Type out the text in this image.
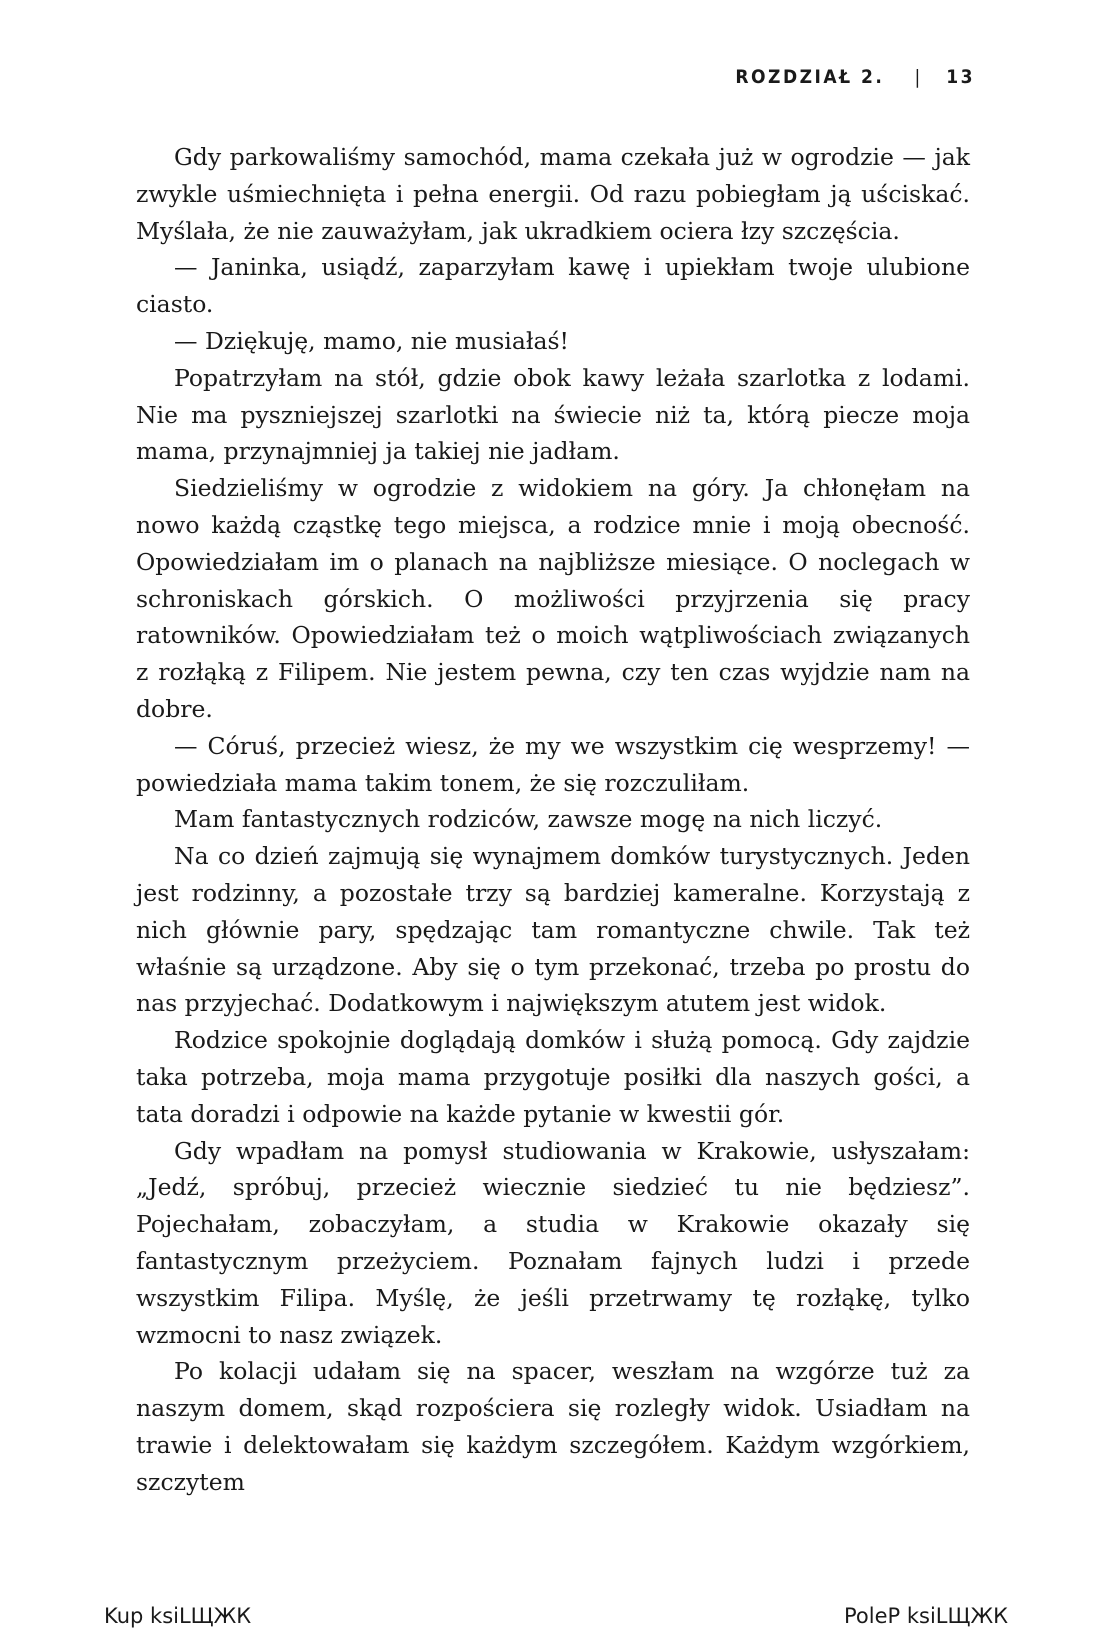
ROZDZIAŁ 2. | 13

Gdy parkowaliśmy samochód, mama czekała już w ogrodzie — jak zwykle uśmiechnięta i pełna energii. Od razu pobiegłam ją uściskać. Myślała, że nie zauważyłam, jak ukradkiem ociera łzy szczęścia.

— Janinka, usiądź, zaparzyłam kawę i upiekłam twoje ulubione ciasto.

— Dziękuję, mamo, nie musiałaś!

Popatrzyłam na stół, gdzie obok kawy leżała szarlotka z lodami. Nie ma pyszniejszej szarlotki na świecie niż ta, którą piecze moja mama, przynajmniej ja takiej nie jadłam.

Siedzieliśmy w ogrodzie z widokiem na góry. Ja chłonęłam na nowo każdą cząstkę tego miejsca, a rodzice mnie i moją obecność. Opowiedziałam im o planach na najbliższe miesiące. O noclegach w schroniskach górskich. O możliwości przyjrzenia się pracy ratowników. Opowiedziałam też o moich wątpliwościach związanych z rozłąką z Filipem. Nie jestem pewna, czy ten czas wyjdzie nam na dobre.

— Córuś, przecież wiesz, że my we wszystkim cię wesprzemy! — powiedziała mama takim tonem, że się rozczuliłam.

Mam fantastycznych rodziców, zawsze mogę na nich liczyć.

Na co dzień zajmują się wynajmem domków turystycznych. Jeden jest rodzinny, a pozostałe trzy są bardziej kameralne. Korzystają z nich głównie pary, spędzając tam romantyczne chwile. Tak też właśnie są urządzone. Aby się o tym przekonać, trzeba po prostu do nas przyjechać. Dodatkowym i największym atutem jest widok.

Rodzice spokojnie doglądają domków i służą pomocą. Gdy zajdzie taka potrzeba, moja mama przygotuje posiłki dla naszych gości, a tata doradzi i odpowie na każde pytanie w kwestii gór.

Gdy wpadłam na pomysł studiowania w Krakowie, usłyszałam: „Jedź, spróbuj, przecież wiecznie siedzieć tu nie będziesz”. Pojechałam, zobaczyłam, a studia w Krakowie okazały się fantastycznym przeżyciem. Poznałam fajnych ludzi i przede wszystkim Filipa. Myślę, że jeśli przetrwamy tę rozłąkę, tylko wzmocni to nasz związek.

Po kolacji udałam się na spacer, weszłam na wzgórze tuż za naszym domem, skąd rozpościera się rozległy widok. Usiadłam na trawie i delektowałam się każdym szczegółem. Każdym wzgórkiem, szczytem

Kup ksiLЩЖК	PoleP ksiLЩЖК
